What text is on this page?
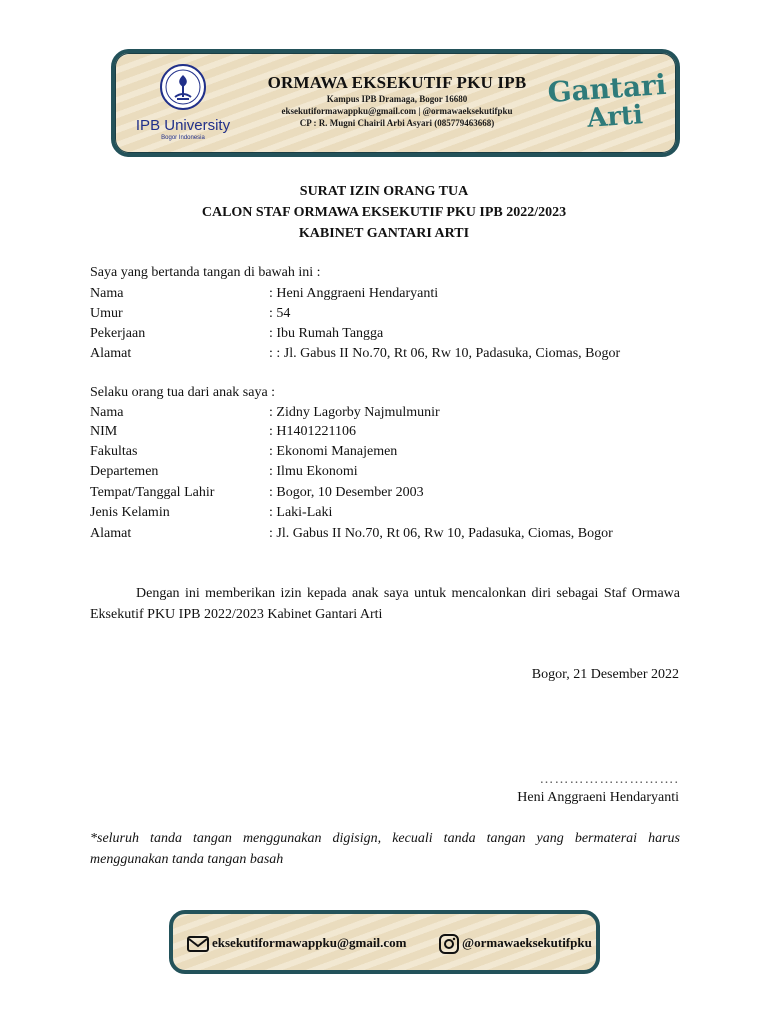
IPB University
Bogor Indonesia
ORMAWA EKSEKUTIF PKU IPB
Kampus IPB Dramaga, Bogor 16680
eksekutiformawappku@gmail.com | @ormawaeksekutifpku
CP : R. Mugni Chairil Arbi Asyari (085779463668)
Gantari
Arti
SURAT IZIN ORANG TUA
CALON STAF ORMAWA EKSEKUTIF PKU IPB 2022/2023
KABINET GANTARI ARTI
Saya yang bertanda tangan di bawah ini :
Nama	: Heni Anggraeni Hendaryanti
Umur	: 54
Pekerjaan	: Ibu Rumah Tangga
Alamat	: : Jl. Gabus II No.70, Rt 06, Rw 10, Padasuka, Ciomas, Bogor
Selaku orang tua dari anak saya :
Nama	: Zidny Lagorby Najmulmunir
NIM	: H1401221106
Fakultas	: Ekonomi Manajemen
Departemen	: Ilmu Ekonomi
Tempat/Tanggal Lahir	: Bogor, 10 Desember 2003
Jenis Kelamin	: Laki-Laki
Alamat	: Jl. Gabus II No.70, Rt 06, Rw 10, Padasuka, Ciomas, Bogor
Dengan ini memberikan izin kepada anak saya untuk mencalonkan diri sebagai Staf Ormawa Eksekutif PKU IPB 2022/2023 Kabinet Gantari Arti
Bogor, 21 Desember 2022
……………………….
Heni Anggraeni Hendaryanti
*seluruh tanda tangan menggunakan digisign, kecuali tanda tangan yang bermaterai harus menggunakan tanda tangan basah
eksekutiformawappku@gmail.com	@ormawaeksekutifpku
